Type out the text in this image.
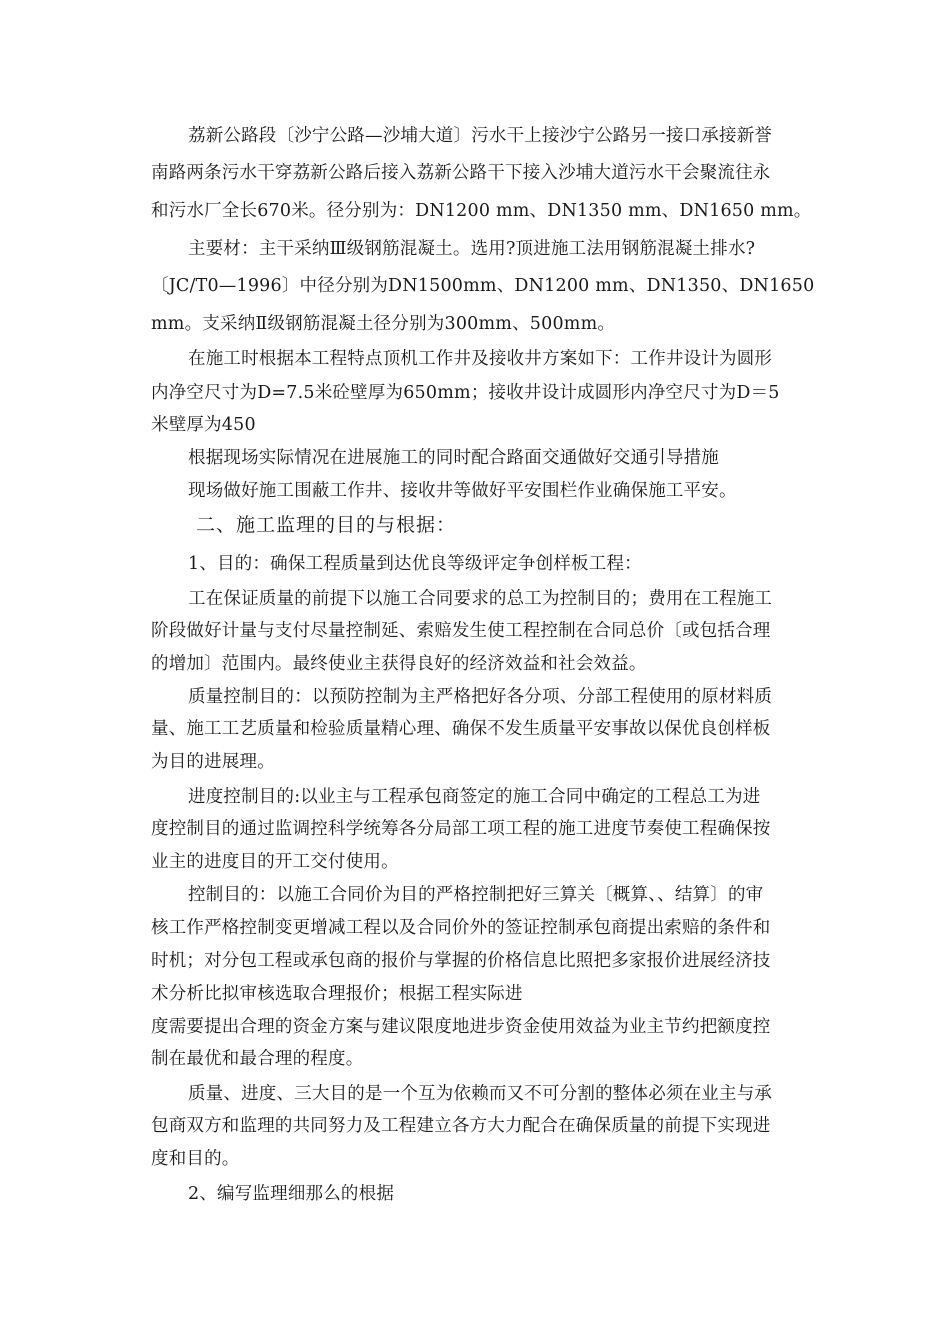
荔新公路段〔沙宁公路—沙埔大道〕污水干上接沙宁公路另一接口承接新誉
南路两条污水干穿荔新公路后接入荔新公路干下接入沙埔大道污水干会聚流往永
和污水厂全长670米。径分别为：DN1200 mm、DN1350 mm、DN1650 mm。
主要材：主干采纳Ⅲ级钢筋混凝土。选用?顶进施工法用钢筋混凝土排水?
〔JC/T0—1996〕中径分别为DN1500mm、DN1200 mm、DN1350、DN1650
mm。支采纳Ⅱ级钢筋混凝土径分别为300mm、500mm。
在施工时根据本工程特点顶机工作井及接收井方案如下：工作井设计为圆形
内净空尺寸为D=7.5米砼壁厚为650mm；接收井设计成圆形内净空尺寸为D＝5
米壁厚为450
根据现场实际情况在进展施工的同时配合路面交通做好交通引导措施
现场做好施工围蔽工作井、接收井等做好平安围栏作业确保施工平安。
二、施工监理的目的与根据：
1、目的：确保工程质量到达优良等级评定争创样板工程：
工在保证质量的前提下以施工合同要求的总工为控制目的；费用在工程施工
阶段做好计量与支付尽量控制延、索赔发生使工程控制在合同总价〔或包括合理
的增加〕范围内。最终使业主获得良好的经济效益和社会效益。
质量控制目的：以预防控制为主严格把好各分项、分部工程使用的原材料质
量、施工工艺质量和检验质量精心理、确保不发生质量平安事故以保优良创样板
为目的进展理。
进度控制目的:以业主与工程承包商签定的施工合同中确定的工程总工为进
度控制目的通过监调控科学统筹各分局部工项工程的施工进度节奏使工程确保按
业主的进度目的开工交付使用。
控制目的：以施工合同价为目的严格控制把好三算关〔概算、、结算〕的审
核工作严格控制变更增减工程以及合同价外的签证控制承包商提出索赔的条件和
时机；对分包工程或承包商的报价与掌握的价格信息比照把多家报价进展经济技
术分析比拟审核选取合理报价；根据工程实际进
度需要提出合理的资金方案与建议限度地进步资金使用效益为业主节约把额度控
制在最优和最合理的程度。
质量、进度、三大目的是一个互为依赖而又不可分割的整体必须在业主与承
包商双方和监理的共同努力及工程建立各方大力配合在确保质量的前提下实现进
度和目的。
2、编写监理细那么的根据
